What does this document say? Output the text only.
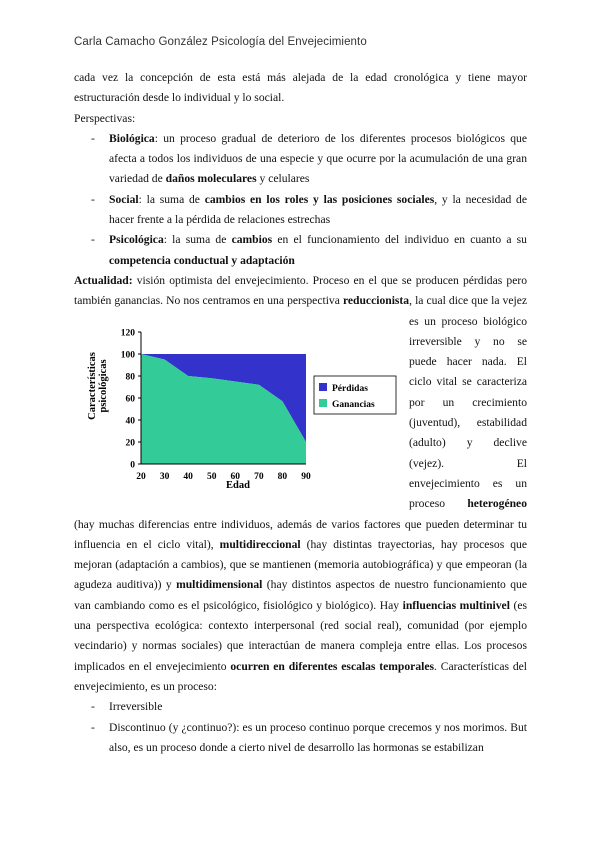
Carla Camacho González Psicología del Envejecimiento

cada vez la concepción de esta está más alejada de la edad cronológica y tiene mayor estructuración desde lo individual y lo social.

Perspectivas:

- Biológica: un proceso gradual de deterioro de los diferentes procesos biológicos que afecta a todos los individuos de una especie y que ocurre por la acumulación de una gran variedad de daños moleculares y celulares
- Social: la suma de cambios en los roles y las posiciones sociales, y la necesidad de hacer frente a la pérdida de relaciones estrechas
- Psicológica: la suma de cambios en el funcionamiento del individuo en cuanto a su competencia conductual y adaptación

Actualidad: visión optimista del envejecimiento. Proceso en el que se producen pérdidas pero también ganancias. No nos centramos en una perspectiva reduccionista, la cual dice que
0
20
40
60
80
100
120
20 30 40 50 60 70 80 90
Característicaspsicológicas
Edad
Pérdidas
Ganancias
la vejez es un proceso biológico irreversible y no se puede hacer nada. El ciclo vital se caracteriza por un crecimiento (juventud), estabilidad (adulto) y declive (vejez). El envejecimiento es un proceso heterogéneo (hay muchas diferencias entre individuos, además de varios factores que pueden determinar tu influencia en el ciclo vital), multidireccional (hay distintas trayectorias, hay procesos que mejoran (adaptación a cambios), que se mantienen (memoria autobiográfica) y que empeoran (la agudeza auditiva)) y multidimensional (hay distintos aspectos de nuestro funcionamiento que van cambiando como es el psicológico, fisiológico y biológico). Hay influencias multinivel (es una perspectiva ecológica: contexto interpersonal (red social real), comunidad (por ejemplo vecindario) y normas sociales) que interactúan de manera compleja entre ellas. Los procesos implicados en el envejecimiento ocurren en diferentes escalas temporales. Características del envejecimiento, es un proceso:

- Irreversible
- Discontinuo (y ¿continuo?): es un proceso continuo porque crecemos y nos morimos. But also, es un proceso donde a cierto nivel de desarrollo las hormonas se estabilizan
